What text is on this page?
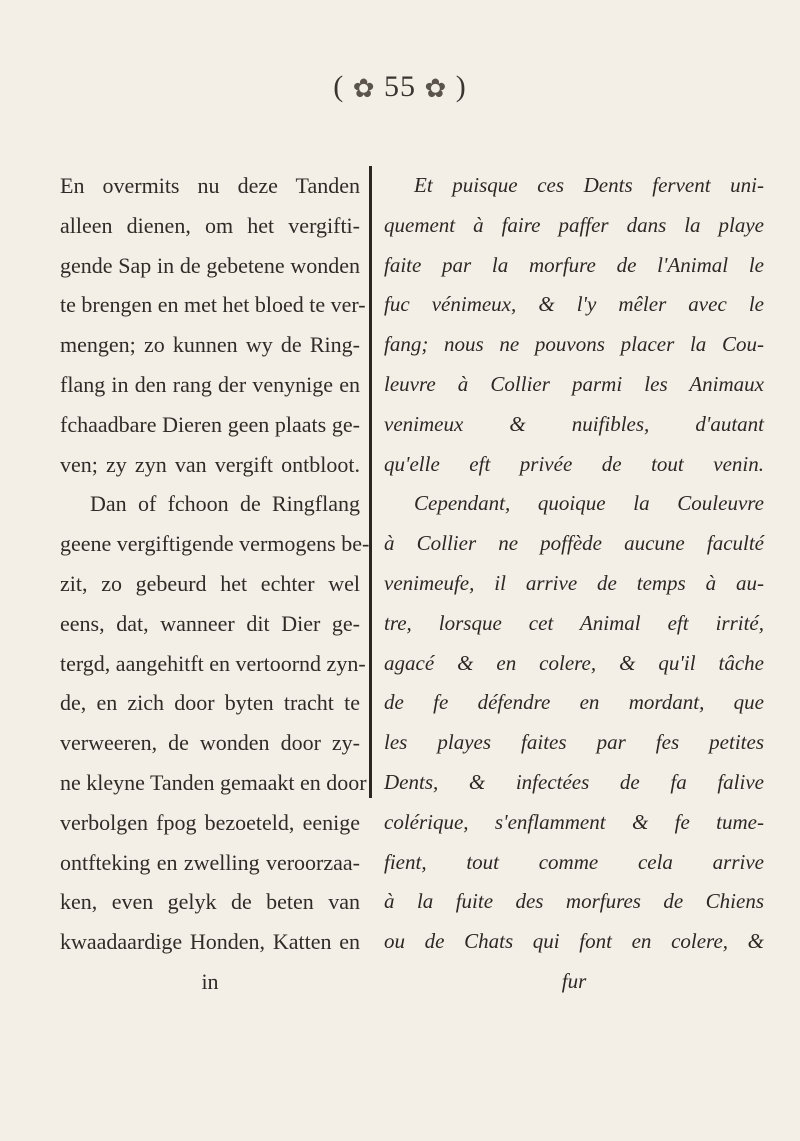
( ✿ 55 ✿ )
En overmits nu deze Tanden
alleen dienen, om het vergifti-
gende Sap in de gebetene wonden
te brengen en met het bloed te ver-
mengen; zo kunnen wy de Ring-
flang in den rang der venynige en
fchaadbare Dieren geen plaats ge-
ven; zy zyn van vergift ontbloot.
Dan of fchoon de Ringflang
geene vergiftigende vermogens be-
zit, zo gebeurd het echter wel
eens, dat, wanneer dit Dier ge-
tergd, aangehitft en vertoornd zyn-
de, en zich door byten tracht te
verweeren, de wonden door zy-
ne kleyne Tanden gemaakt en door
verbolgen fpog bezoeteld, eenige
ontfteking en zwelling veroorzaa-
ken, even gelyk de beten van
kwaadaardige Honden, Katten en
in
Et puisque ces Dents fervent uni-
quement à faire paffer dans la playe
faite par la morfure de l'Animal le
fuc vénimeux, & l'y mêler avec le
fang; nous ne pouvons placer la Cou-
leuvre à Collier parmi les Animaux
venimeux & nuifibles, d'autant
qu'elle eft privée de tout venin.
Cependant, quoique la Couleuvre
à Collier ne poffède aucune faculté
venimeufe, il arrive de temps à au-
tre, lorsque cet Animal eft irrité,
agacé & en colere, & qu'il tâche
de fe défendre en mordant, que
les playes faites par fes petites
Dents, & infectées de fa falive
colérique, s'enflamment & fe tume-
fient, tout comme cela arrive
à la fuite des morfures de Chiens
ou de Chats qui font en colere, &
fur
